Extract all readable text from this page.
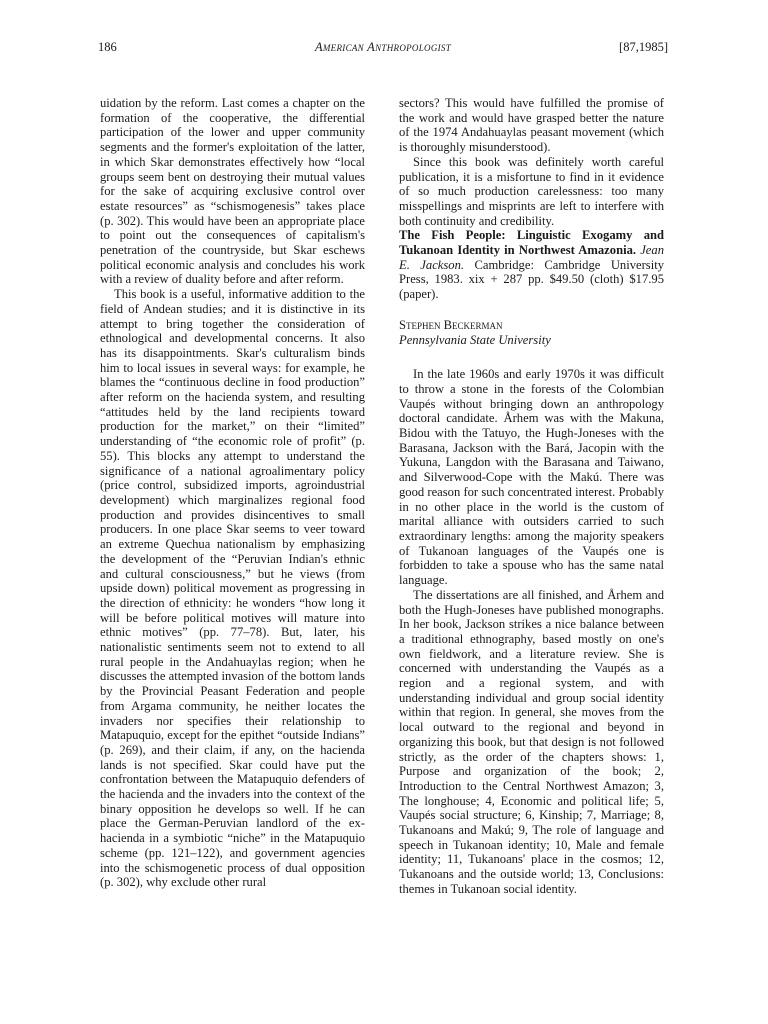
186	American Anthropologist	[87,1985]

uidation by the reform. Last comes a chapter on the formation of the cooperative, the differential participation of the lower and upper community segments and the former's exploitation of the latter, in which Skar demonstrates effectively how “local groups seem bent on destroying their mutual values for the sake of acquiring exclusive control over estate resources” as “schismogenesis” takes place (p. 302). This would have been an appropriate place to point out the consequences of capitalism's penetration of the countryside, but Skar eschews political economic analysis and concludes his work with a review of duality before and after reform.

This book is a useful, informative addition to the field of Andean studies; and it is distinctive in its attempt to bring together the consideration of ethnological and developmental concerns. It also has its disappointments. Skar's culturalism binds him to local issues in several ways: for example, he blames the “continuous decline in food production” after reform on the hacienda system, and resulting “attitudes held by the land recipients toward production for the market,” on their “limited” understanding of “the economic role of profit” (p. 55). This blocks any attempt to understand the significance of a national agroalimentary policy (price control, subsidized imports, agroindustrial development) which marginalizes regional food production and provides disincentives to small producers. In one place Skar seems to veer toward an extreme Quechua nationalism by emphasizing the development of the “Peruvian Indian's ethnic and cultural consciousness,” but he views (from upside down) political movement as progressing in the direction of ethnicity: he wonders “how long it will be before political motives will mature into ethnic motives” (pp. 77–78). But, later, his nationalistic sentiments seem not to extend to all rural people in the Andahuaylas region; when he discusses the attempted invasion of the bottom lands by the Provincial Peasant Federation and people from Argama community, he neither locates the invaders nor specifies their relationship to Matapuquio, except for the epithet “outside Indians” (p. 269), and their claim, if any, on the hacienda lands is not specified. Skar could have put the confrontation between the Matapuquio defenders of the hacienda and the invaders into the context of the binary opposition he develops so well. If he can place the German-Peruvian landlord of the ex-hacienda in a symbiotic “niche” in the Matapuquio scheme (pp. 121–122), and government agencies into the schismogenetic process of dual opposition (p. 302), why exclude other rural

sectors? This would have fulfilled the promise of the work and would have grasped better the nature of the 1974 Andahuaylas peasant movement (which is thoroughly misunderstood).

Since this book was definitely worth careful publication, it is a misfortune to find in it evidence of so much production carelessness: too many misspellings and misprints are left to interfere with both continuity and credibility.

The Fish People: Linguistic Exogamy and Tukanoan Identity in Northwest Amazonia. Jean E. Jackson. Cambridge: Cambridge University Press, 1983. xix + 287 pp. $49.50 (cloth) $17.95 (paper).

Stephen Beckerman
Pennsylvania State University

In the late 1960s and early 1970s it was difficult to throw a stone in the forests of the Colombian Vaupés without bringing down an anthropology doctoral candidate. Århem was with the Makuna, Bidou with the Tatuyo, the Hugh-Joneses with the Barasana, Jackson with the Bará, Jacopin with the Yukuna, Langdon with the Barasana and Taiwano, and Silverwood-Cope with the Makú. There was good reason for such concentrated interest. Probably in no other place in the world is the custom of marital alliance with outsiders carried to such extraordinary lengths: among the majority speakers of Tukanoan languages of the Vaupés one is forbidden to take a spouse who has the same natal language.

The dissertations are all finished, and Århem and both the Hugh-Joneses have published monographs. In her book, Jackson strikes a nice balance between a traditional ethnography, based mostly on one's own fieldwork, and a literature review. She is concerned with understanding the Vaupés as a region and a regional system, and with understanding individual and group social identity within that region. In general, she moves from the local outward to the regional and beyond in organizing this book, but that design is not followed strictly, as the order of the chapters shows: 1, Purpose and organization of the book; 2, Introduction to the Central Northwest Amazon; 3, The longhouse; 4, Economic and political life; 5, Vaupés social structure; 6, Kinship; 7, Marriage; 8, Tukanoans and Makú; 9, The role of language and speech in Tukanoan identity; 10, Male and female identity; 11, Tukanoans' place in the cosmos; 12, Tukanoans and the outside world; 13, Conclusions: themes in Tukanoan social identity.
